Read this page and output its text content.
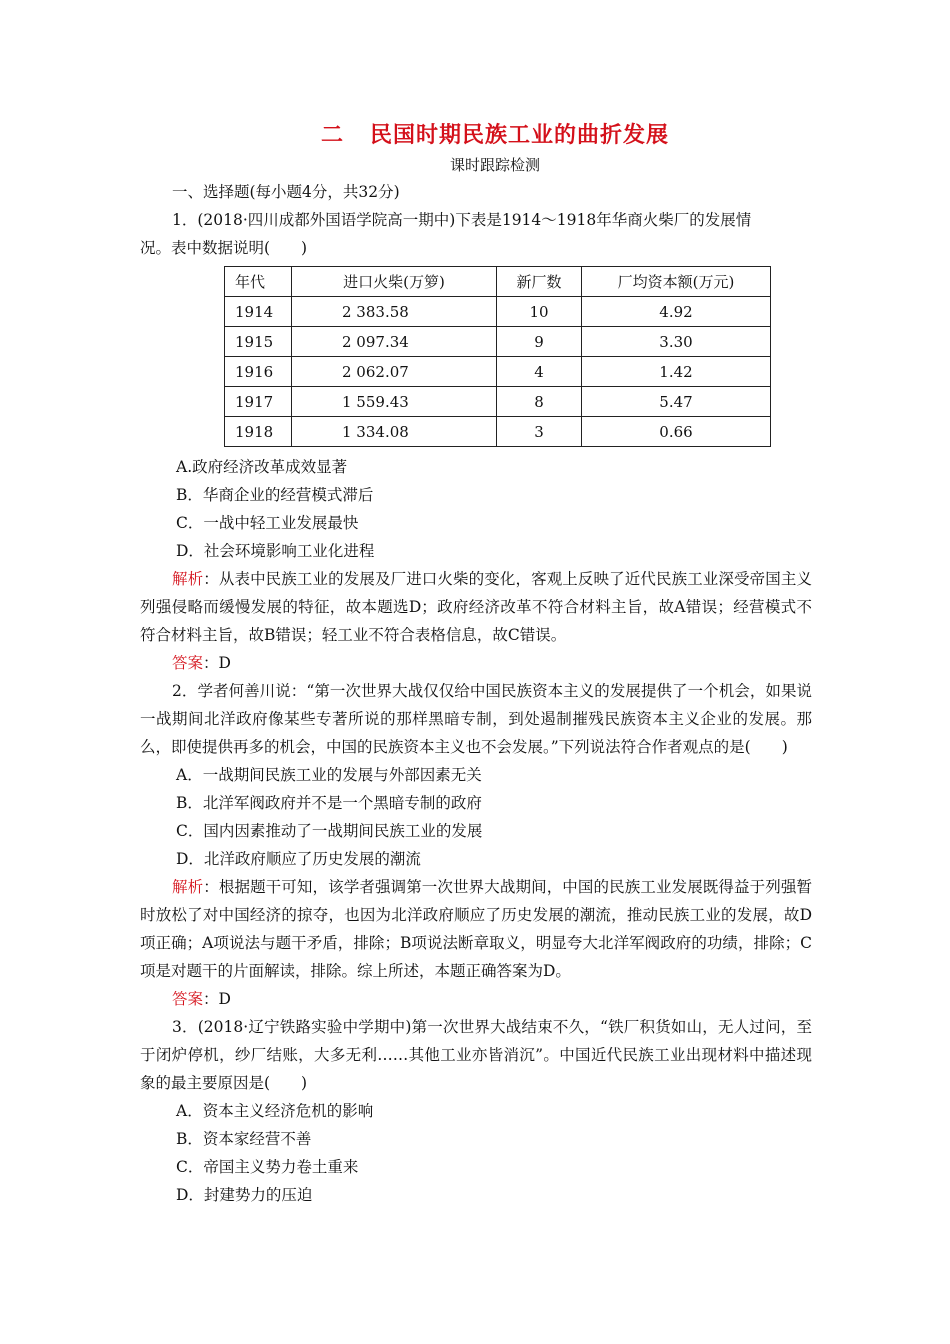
二 民国时期民族工业的曲折发展
课时跟踪检测
一、选择题(每小题4分，共32分)
1．(2018·四川成都外国语学院高一期中)下表是1914～1918年华商火柴厂的发展情
况。表中数据说明(　　)
年代	进口火柴(万箩)	新厂数	厂均资本额(万元)
1914	2 383.58	10	4.92
1915	2 097.34	9	3.30
1916	2 062.07	4	1.42
1917	1 559.43	8	5.47
1918	1 334.08	3	0.66
A.政府经济改革成效显著
B．华商企业的经营模式滞后
C．一战中轻工业发展最快
D．社会环境影响工业化进程
解析：从表中民族工业的发展及厂进口火柴的变化，客观上反映了近代民族工业深受帝国主义列强侵略而缓慢发展的特征，故本题选D；政府经济改革不符合材料主旨，故A错误；经营模式不符合材料主旨，故B错误；轻工业不符合表格信息，故C错误。
答案：D
2．学者何善川说：“第一次世界大战仅仅给中国民族资本主义的发展提供了一个机会，如果说一战期间北洋政府像某些专著所说的那样黑暗专制，到处遏制摧残民族资本主义企业的发展。那么，即使提供再多的机会，中国的民族资本主义也不会发展。”下列说法符合作者观点的是(　　)
A．一战期间民族工业的发展与外部因素无关
B．北洋军阀政府并不是一个黑暗专制的政府
C．国内因素推动了一战期间民族工业的发展
D．北洋政府顺应了历史发展的潮流
解析：根据题干可知，该学者强调第一次世界大战期间，中国的民族工业发展既得益于列强暂时放松了对中国经济的掠夺，也因为北洋政府顺应了历史发展的潮流，推动民族工业的发展，故D项正确；A项说法与题干矛盾，排除；B项说法断章取义，明显夸大北洋军阀政府的功绩，排除；C项是对题干的片面解读，排除。综上所述，本题正确答案为D。
答案：D
3．(2018·辽宁铁路实验中学期中)第一次世界大战结束不久，“铁厂积货如山，无人过问，至于闭炉停机，纱厂结账，大多无利……其他工业亦皆消沉”。中国近代民族工业出现材料中描述现象的最主要原因是(　　)
A．资本主义经济危机的影响
B．资本家经营不善
C．帝国主义势力卷土重来
D．封建势力的压迫
